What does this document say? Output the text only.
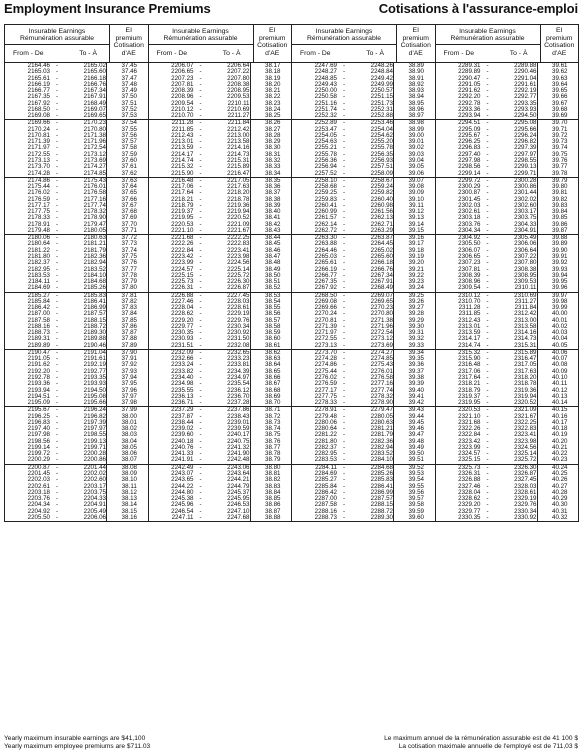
Employment Insurance Premiums	Cotisations à l'assurance-emploi
Insurable Earnings
Rémunération assurable
From - De	To - À
EI
premium
Cotisation
d'AE
2164.46 -	2165.02	37.45
2165.03 -	2165.60	37.46
2165.61 -	2166.18	37.47
2166.19 -	2166.76	37.48
2166.77 -	2167.34	37.49
2167.35 -	2167.91	37.50
2167.92 -	2168.49	37.51
2168.50 -	2169.07	37.52
2169.08 -	2169.65	37.53
2169.66 -	2170.23	37.54
2170.24 -	2170.80	37.55
2170.81 -	2171.38	37.56
2171.39 -	2171.96	37.57
2171.97 -	2172.54	37.58
2172.55 -	2173.12	37.59
2173.13 -	2173.69	37.60
2173.70 -	2174.27	37.61
2174.28 -	2174.85	37.62
2174.86 -	2175.43	37.63
2175.44 -	2176.01	37.64
2176.02 -	2176.58	37.65
2176.59 -	2177.16	37.66
2177.17 -	2177.74	37.67
2177.75 -	2178.32	37.68
2178.33 -	2178.90	37.69
2178.91 -	2179.47	37.70
2179.48 -	2180.05	37.71
2180.06 -	2180.63	37.72
2180.64 -	2181.21	37.73
2181.22 -	2181.79	37.74
2181.80 -	2182.36	37.75
2182.37 -	2182.94	37.76
2182.95 -	2183.52	37.77
2183.53 -	2184.10	37.78
2184.11 -	2184.68	37.79
2184.69 -	2185.26	37.80
2185.27 -	2185.83	37.81
2185.84 -	2186.41	37.82
2186.42 -	2186.99	37.83
2187.00 -	2187.57	37.84
2187.58 -	2188.15	37.85
2188.16 -	2188.72	37.86
2188.73 -	2189.30	37.87
2189.31 -	2189.88	37.88
2189.89 -	2190.46	37.89
2190.47 -	2191.04	37.90
2191.05 -	2191.61	37.91
2191.62 -	2192.19	37.92
2192.20 -	2192.77	37.93
2192.78 -	2193.35	37.94
2193.36 -	2193.93	37.95
2193.94 -	2194.50	37.96
2194.51 -	2195.08	37.97
2195.09 -	2195.66	37.98
2195.67 -	2196.24	37.99
2196.25 -	2196.82	38.00
2196.83 -	2197.39	38.01
2197.40 -	2197.97	38.02
2197.98 -	2198.55	38.03
2198.56 -	2199.13	38.04
2199.14 -	2199.71	38.05
2199.72 -	2200.28	38.06
2200.29 -	2200.86	38.07
2200.87 -	2201.44	38.08
2201.45 -	2202.02	38.09
2202.03 -	2202.60	38.10
2202.61 -	2203.17	38.11
2203.18 -	2203.75	38.12
2203.76 -	2204.33	38.13
2204.34 -	2204.91	38.14
2204.92 -	2205.49	38.15
2205.50 -	2206.06	38.16
Insurable Earnings
Rémunération assurable
From - De	To - À
EI
premium
Cotisation
d'AE
2206.07 -	2206.64	38.17
2206.65 -	2207.22	38.18
2207.23 -	2207.80	38.19
2207.81 -	2208.38	38.20
2208.39 -	2208.95	38.21
2208.96 -	2209.53	38.22
2209.54 -	2210.11	38.23
2210.12 -	2210.69	38.24
2210.70 -	2211.27	38.25
2211.28 -	2211.84	38.26
2211.85 -	2212.42	38.27
2212.43 -	2213.00	38.28
2213.01 -	2213.58	38.29
2213.59 -	2214.16	38.30
2214.17 -	2214.73	38.31
2214.74 -	2215.31	38.32
2215.32 -	2215.89	38.33
2215.90 -	2216.47	38.34
2216.48 -	2217.05	38.35
2217.06 -	2217.63	38.36
2217.64 -	2218.20	38.37
2218.21 -	2218.78	38.38
2218.79 -	2219.36	38.39
2219.37 -	2219.94	38.40
2219.95 -	2220.52	38.41
2220.53 -	2221.09	38.42
2221.10 -	2221.67	38.43
2221.68 -	2222.25	38.44
2222.26 -	2222.83	38.45
2222.84 -	2223.41	38.46
2223.42 -	2223.98	38.47
2223.99 -	2224.56	38.48
2224.57 -	2225.14	38.49
2225.15 -	2225.72	38.50
2225.73 -	2226.30	38.51
2226.31 -	2226.87	38.52
2226.88 -	2227.45	38.53
2227.46 -	2228.03	38.54
2228.04 -	2228.61	38.55
2228.62 -	2229.19	38.56
2229.20 -	2229.76	38.57
2229.77 -	2230.34	38.58
2230.35 -	2230.92	38.59
2230.93 -	2231.50	38.60
2231.51 -	2232.08	38.61
2232.09 -	2232.65	38.62
2232.66 -	2233.23	38.63
2233.24 -	2233.81	38.64
2233.82 -	2234.39	38.65
2234.40 -	2234.97	38.66
2234.98 -	2235.54	38.67
2235.55 -	2236.12	38.68
2236.13 -	2236.70	38.69
2236.71 -	2237.28	38.70
2237.29 -	2237.86	38.71
2237.87 -	2238.43	38.72
2238.44 -	2239.01	38.73
2239.02 -	2239.59	38.74
2239.60 -	2240.17	38.75
2240.18 -	2240.75	38.76
2240.76 -	2241.32	38.77
2241.33 -	2241.90	38.78
2241.91 -	2242.48	38.79
2242.49 -	2243.06	38.80
2243.07 -	2243.64	38.81
2243.65 -	2244.21	38.82
2244.22 -	2244.79	38.83
2244.80 -	2245.37	38.84
2245.38 -	2245.95	38.85
2245.96 -	2246.53	38.86
2246.54 -	2247.10	38.87
2247.11 -	2247.68	38.88
Insurable Earnings
Rémunération assurable
From - De	To - À
EI
premium
Cotisation
d'AE
2247.69 -	2248.26	38.89
2248.27 -	2248.84	38.90
2248.85 -	2249.42	38.91
2249.43 -	2249.99	38.92
2250.00 -	2250.57	38.93
2250.58 -	2251.15	38.94
2251.16 -	2251.73	38.95
2251.74 -	2252.31	38.96
2252.32 -	2252.88	38.97
2252.89 -	2253.46	38.98
2253.47 -	2254.04	38.99
2254.05 -	2254.62	39.00
2254.63 -	2255.20	39.01
2255.21 -	2255.78	39.02
2255.78 -	2256.35	39.03
2256.36 -	2256.93	39.04
2256.94 -	2257.51	39.05
2257.52 -	2258.09	39.06
2258.10 -	2258.67	39.07
2258.68 -	2259.24	39.08
2259.25 -	2259.82	39.09
2259.83 -	2260.40	39.10
2260.41 -	2260.98	39.11
2260.99 -	2261.56	39.12
2261.57 -	2262.13	39.13
2262.14 -	2262.71	39.14
2262.72 -	2263.29	39.15
2263.30 -	2263.87	39.16
2263.88 -	2264.45	39.17
2264.46 -	2265.02	39.18
2265.03 -	2265.60	39.19
2265.61 -	2266.18	39.20
2266.19 -	2266.76	39.21
2266.77 -	2267.34	39.22
2267.35 -	2267.91	39.23
2267.92 -	2268.49	39.24
2268.50 -	2269.07	39.25
2269.08 -	2269.65	39.26
2269.66 -	2270.23	39.27
2270.24 -	2270.80	39.28
2270.81 -	2271.38	39.29
2271.39 -	2271.96	39.30
2271.97 -	2272.54	39.31
2272.55 -	2273.12	39.32
2273.13 -	2273.69	39.33
2273.70 -	2274.27	39.34
2274.28 -	2274.85	39.35
2274.86 -	2275.43	39.36
2275.44 -	2276.01	39.37
2276.02 -	2276.58	39.38
2276.59 -	2277.16	39.39
2277.17 -	2277.74	39.40
2277.75 -	2278.32	39.41
2278.33 -	2278.90	39.42
2278.91 -	2279.47	39.43
2279.48 -	2280.05	39.44
2280.06 -	2280.63	39.45
2280.64 -	2281.21	39.46
2281.22 -	2281.79	39.47
2281.80 -	2282.36	39.48
2282.37 -	2282.94	39.49
2282.95 -	2283.52	39.50
2283.53 -	2284.10	39.51
2284.11 -	2284.68	39.52
2284.69 -	2285.26	39.53
2285.27 -	2285.83	39.54
2285.84 -	2286.41	39.55
2286.42 -	2286.99	39.56
2287.00 -	2287.57	39.57
2287.58 -	2288.15	39.58
2288.16 -	2288.72	39.59
2288.73 -	2289.30	39.60
Insurable Earnings
Rémunération assurable
From - De	To - À
EI
premium
Cotisation
d'AE
2289.31 -	2289.88	39.61
2289.89 -	2290.46	39.62
2290.47 -	2291.04	39.63
2291.05 -	2291.61	39.64
2291.62 -	2292.19	39.65
2292.20 -	2292.77	39.66
2292.78 -	2293.35	39.67
2293.36 -	2293.93	39.68
2293.94 -	2294.50	39.69
2294.51 -	2295.08	39.70
2295.09 -	2295.66	39.71
2295.67 -	2296.24	39.72
2296.25 -	2296.82	39.73
2296.83 -	2297.39	39.74
2297.40 -	2297.97	39.75
2297.98 -	2298.55	39.76
2298.56 -	2299.13	39.77
2299.14 -	2299.71	39.78
2299.72 -	2300.28	39.79
2300.29 -	2300.86	39.80
2300.87 -	2301.44	39.81
2301.45 -	2302.02	39.82
2302.03 -	2302.60	39.83
2302.61 -	2303.17	39.84
2303.18 -	2303.75	39.85
2303.76 -	2304.33	39.86
2304.34 -	2304.91	39.87
2304.92 -	2305.49	39.88
2305.50 -	2306.06	39.89
2306.07 -	2306.64	39.90
2306.65 -	2307.22	39.91
2307.23 -	2307.80	39.92
2307.81 -	2308.38	39.93
2308.39 -	2308.95	39.94
2308.96 -	2309.53	39.95
2309.54 -	2310.11	39.96
2310.12 -	2310.69	39.97
2310.70 -	2311.27	39.98
2311.28 -	2311.84	39.99
2311.85 -	2312.42	40.00
2312.43 -	2313.00	40.01
2313.01 -	2313.58	40.02
2313.59 -	2314.16	40.03
2314.17 -	2314.73	40.04
2314.74 -	2315.31	40.05
2315.32 -	2315.89	40.06
2315.90 -	2316.47	40.07
2316.48 -	2317.05	40.08
2317.06 -	2317.63	40.09
2317.64 -	2318.20	40.10
2318.21 -	2318.78	40.11
2318.79 -	2319.36	40.12
2319.37 -	2319.94	40.13
2319.95 -	2320.52	40.14
2320.53 -	2321.09	40.15
2321.10 -	2321.67	40.16
2321.68 -	2322.25	40.17
2322.26 -	2322.83	40.18
2322.84 -	2323.41	40.19
2323.42 -	2323.98	40.20
2323.99 -	2324.56	40.21
2324.57 -	2325.14	40.22
2325.15 -	2325.72	40.23
2325.73 -	2326.30	40.24
2326.31 -	2326.87	40.25
2326.88 -	2327.45	40.26
2327.46 -	2328.03	40.27
2328.04 -	2328.61	40.28
2328.62 -	2329.19	40.29
2329.20 -	2329.76	40.30
2329.77 -	2330.34	40.31
2330.35 -	2330.92	40.32
Yearly maximum insurable earnings are $41,100
Yearly maximum employee premiums are $711.03
Le maximum annuel de la rémunération assurable est de 41 100 $
La cotisation maximale annuelle de l'employé est de 711,03 $
